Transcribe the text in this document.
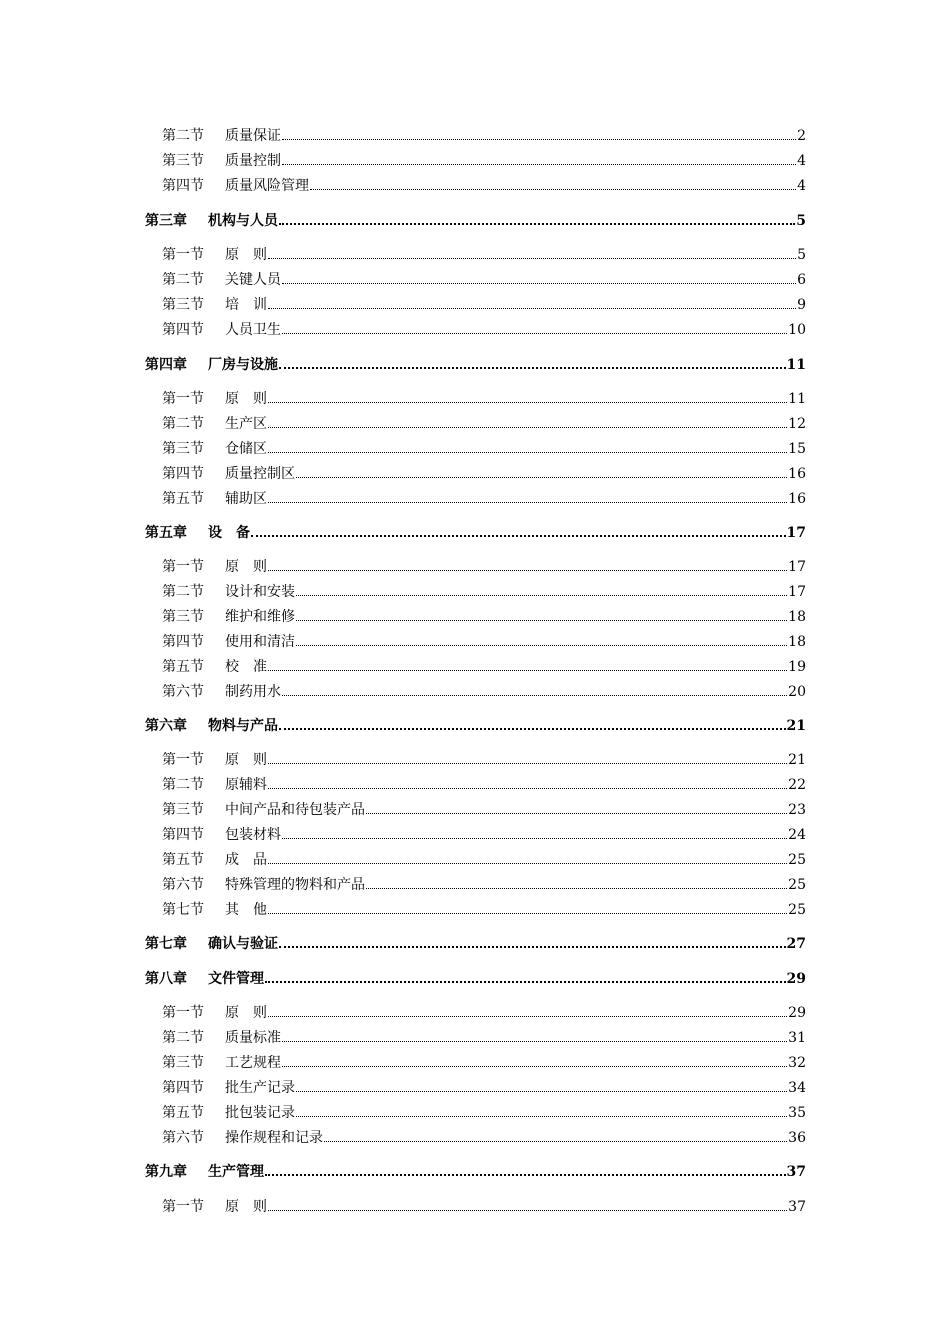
第二节	质量保证	2
第三节	质量控制	4
第四节	质量风险管理	4
第三章	机构与人员	5
第一节	原　则	5
第二节	关键人员	6
第三节	培　训	9
第四节	人员卫生	10
第四章	厂房与设施	11
第一节	原　则	11
第二节	生产区	12
第三节	仓储区	15
第四节	质量控制区	16
第五节	辅助区	16
第五章	设　备	17
第一节	原　则	17
第二节	设计和安装	17
第三节	维护和维修	18
第四节	使用和清洁	18
第五节	校　准	19
第六节	制药用水	20
第六章	物料与产品	21
第一节	原　则	21
第二节	原辅料	22
第三节	中间产品和待包装产品	23
第四节	包装材料	24
第五节	成　品	25
第六节	特殊管理的物料和产品	25
第七节	其　他	25
第七章	确认与验证	27
第八章	文件管理	29
第一节	原　则	29
第二节	质量标准	31
第三节	工艺规程	32
第四节	批生产记录	34
第五节	批包装记录	35
第六节	操作规程和记录	36
第九章	生产管理	37
第一节	原　则	37
